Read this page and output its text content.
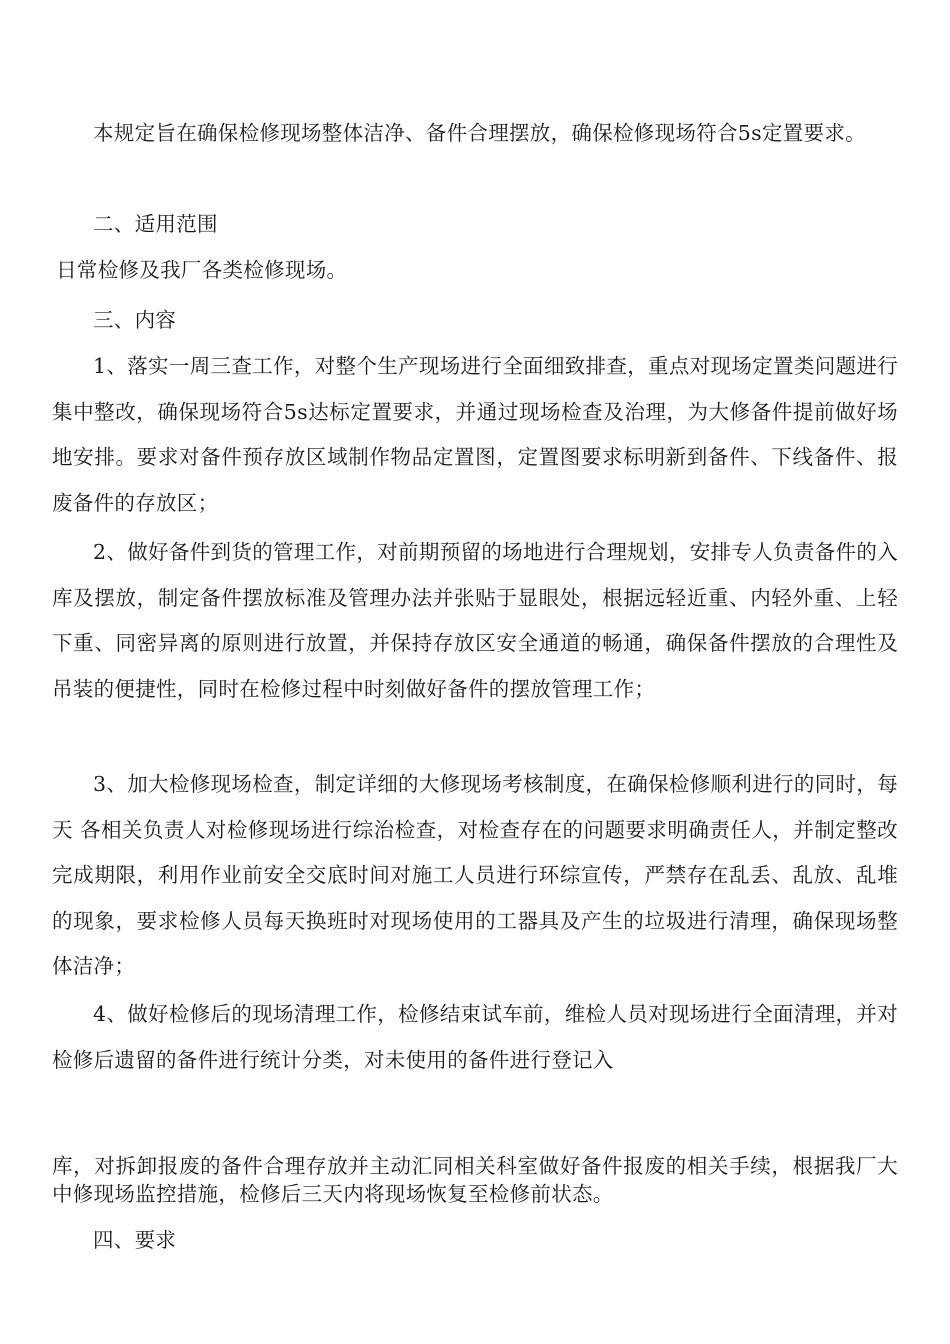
本规定旨在确保检修现场整体洁净、备件合理摆放，确保检修现场符合5s定置要求。

二、适用范围

日常检修及我厂各类检修现场。

三、内容

1、落实一周三查工作，对整个生产现场进行全面细致排查，重点对现场定置类问题进行集中整改，确保现场符合5s达标定置要求，并通过现场检查及治理，为大修备件提前做好场地安排。要求对备件预存放区域制作物品定置图，定置图要求标明新到备件、下线备件、报废备件的存放区；

2、做好备件到货的管理工作，对前期预留的场地进行合理规划，安排专人负责备件的入库及摆放，制定备件摆放标准及管理办法并张贴于显眼处，根据远轻近重、内轻外重、上轻下重、同密异离的原则进行放置，并保持存放区安全通道的畅通，确保备件摆放的合理性及吊装的便捷性，同时在检修过程中时刻做好备件的摆放管理工作；

3、加大检修现场检查，制定详细的大修现场考核制度，在确保检修顺利进行的同时，每天 各相关负责人对检修现场进行综治检查，对检查存在的问题要求明确责任人，并制定整改完成期限，利用作业前安全交底时间对施工人员进行环综宣传，严禁存在乱丢、乱放、乱堆的现象，要求检修人员每天换班时对现场使用的工器具及产生的垃圾进行清理，确保现场整体洁净；

4、做好检修后的现场清理工作，检修结束试车前，维检人员对现场进行全面清理，并对检修后遗留的备件进行统计分类，对未使用的备件进行登记入

库，对拆卸报废的备件合理存放并主动汇同相关科室做好备件报废的相关手续，根据我厂大中修现场监控措施，检修后三天内将现场恢复至检修前状态。

四、要求
